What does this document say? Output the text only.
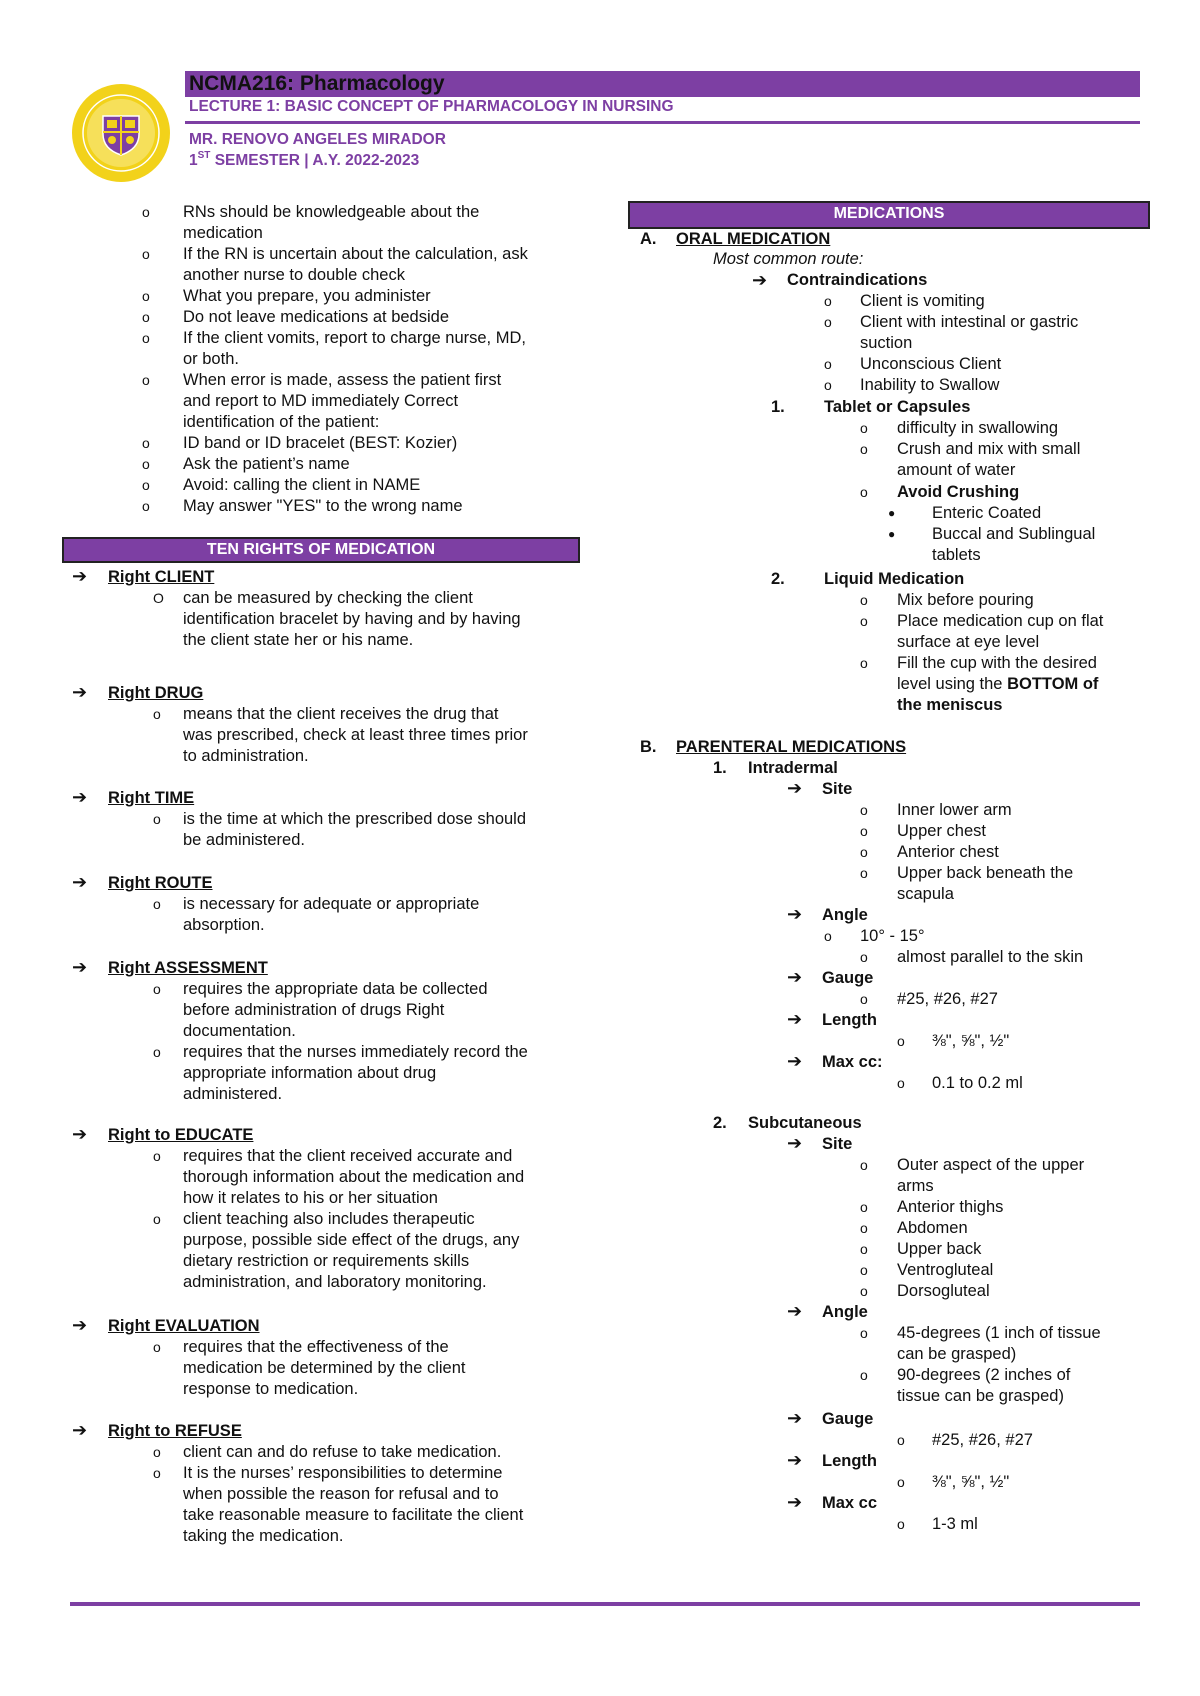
NCMA216: Pharmacology
LECTURE 1: BASIC CONCEPT OF PHARMACOLOGY IN NURSING
MR. RENOVO ANGELES MIRADOR
1ST SEMESTER | A.Y. 2022-2023
o RNs should be knowledgeable about the
medication
o If the RN is uncertain about the calculation, ask
another nurse to double check
o What you prepare, you administer
o Do not leave medications at bedside
o If the client vomits, report to charge nurse, MD,
or both.
o When error is made, assess the patient first
and report to MD immediately Correct
identification of the patient:
o ID band or ID bracelet (BEST: Kozier)
o Ask the patient’s name
o Avoid: calling the client in NAME
o May answer "YES" to the wrong name
TEN RIGHTS OF MEDICATION
➔ Right CLIENT
O can be measured by checking the client
identification bracelet by having and by having
the client state her or his name.
➔ Right DRUG
o means that the client receives the drug that
was prescribed, check at least three times prior
to administration.
➔ Right TIME
o is the time at which the prescribed dose should
be administered.
➔ Right ROUTE
o is necessary for adequate or appropriate
absorption.
➔ Right ASSESSMENT
o requires the appropriate data be collected
before administration of drugs Right
documentation.
o requires that the nurses immediately record the
appropriate information about drug
administered.
➔ Right to EDUCATE
o requires that the client received accurate and
thorough information about the medication and
how it relates to his or her situation
o client teaching also includes therapeutic
purpose, possible side effect of the drugs, any
dietary restriction or requirements skills
administration, and laboratory monitoring.
➔ Right EVALUATION
o requires that the effectiveness of the
medication be determined by the client
response to medication.
➔ Right to REFUSE
o client can and do refuse to take medication.
o It is the nurses’ responsibilities to determine
when possible the reason for refusal and to
take reasonable measure to facilitate the client
taking the medication.
MEDICATIONS
A. ORAL MEDICATION
Most common route:
➔ Contraindications
o Client is vomiting
o Client with intestinal or gastric
suction
o Unconscious Client
o Inability to Swallow
1. Tablet or Capsules
o difficulty in swallowing
o Crush and mix with small
amount of water
o Avoid Crushing
● Enteric Coated
● Buccal and Sublingual
tablets
2. Liquid Medication
o Mix before pouring
o Place medication cup on flat
surface at eye level
o Fill the cup with the desired
level using the BOTTOM of
the meniscus
B. PARENTERAL MEDICATIONS
1. Intradermal
➔ Site
o Inner lower arm
o Upper chest
o Anterior chest
o Upper back beneath the
scapula
➔ Angle
o 10° - 15°
o almost parallel to the skin
➔ Gauge
o #25, #26, #27
➔ Length
o ⅜", ⅝", ½"
➔ Max cc:
o 0.1 to 0.2 ml
2. Subcutaneous
➔ Site
o Outer aspect of the upper
arms
o Anterior thighs
o Abdomen
o Upper back
o Ventrogluteal
o Dorsogluteal
➔ Angle
o 45-degrees (1 inch of tissue
can be grasped)
o 90-degrees (2 inches of
tissue can be grasped)
➔ Gauge
o #25, #26, #27
➔ Length
o ⅜", ⅝", ½"
➔ Max cc
o 1-3 ml
